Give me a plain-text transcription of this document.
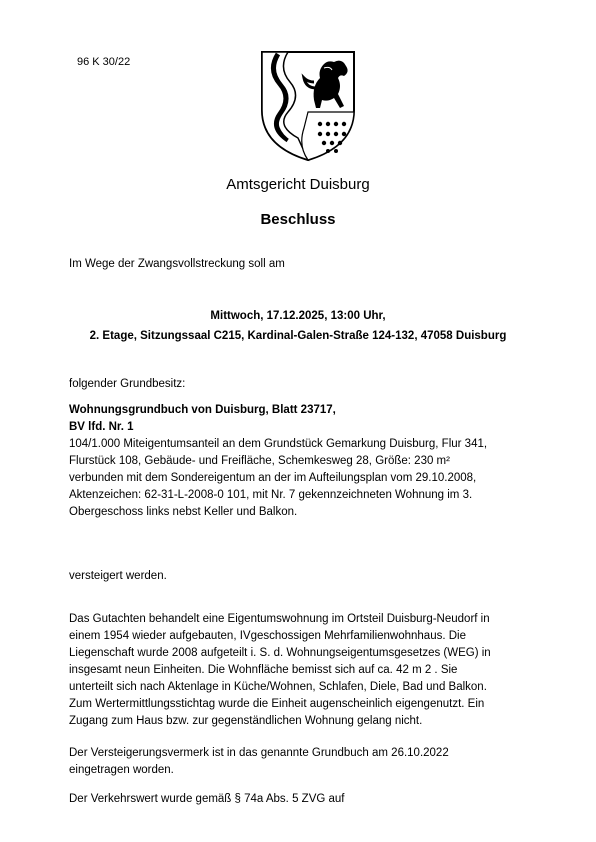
96 K 30/22
Amtsgericht Duisburg
Beschluss
Im Wege der Zwangsvollstreckung soll am
Mittwoch, 17.12.2025, 13:00 Uhr,
2. Etage, Sitzungssaal C215, Kardinal-Galen-Straße 124-132, 47058 Duisburg
folgender Grundbesitz:
Wohnungsgrundbuch von Duisburg, Blatt 23717,
BV lfd. Nr. 1
104/1.000 Miteigentumsanteil an dem Grundstück Gemarkung Duisburg, Flur 341,
Flurstück 108, Gebäude- und Freifläche, Schemkesweg 28, Größe: 230 m²
verbunden mit dem Sondereigentum an der im Aufteilungsplan vom 29.10.2008,
Aktenzeichen: 62-31-L-2008-0 101, mit Nr. 7 gekennzeichneten Wohnung im 3.
Obergeschoss links nebst Keller und Balkon.
versteigert werden.
Das Gutachten behandelt eine Eigentumswohnung im Ortsteil Duisburg-Neudorf in
einem 1954 wieder aufgebauten, IVgeschossigen Mehrfamilienwohnhaus. Die
Liegenschaft wurde 2008 aufgeteilt i. S. d. Wohnungseigentumsgesetzes (WEG) in
insgesamt neun Einheiten. Die Wohnfläche bemisst sich auf ca. 42 m 2 . Sie
unterteilt sich nach Aktenlage in Küche/Wohnen, Schlafen, Diele, Bad und Balkon.
Zum Wertermittlungsstichtag wurde die Einheit augenscheinlich eigengenutzt. Ein
Zugang zum Haus bzw. zur gegenständlichen Wohnung gelang nicht.
Der Versteigerungsvermerk ist in das genannte Grundbuch am 26.10.2022
eingetragen worden.
Der Verkehrswert wurde gemäß § 74a Abs. 5 ZVG auf
